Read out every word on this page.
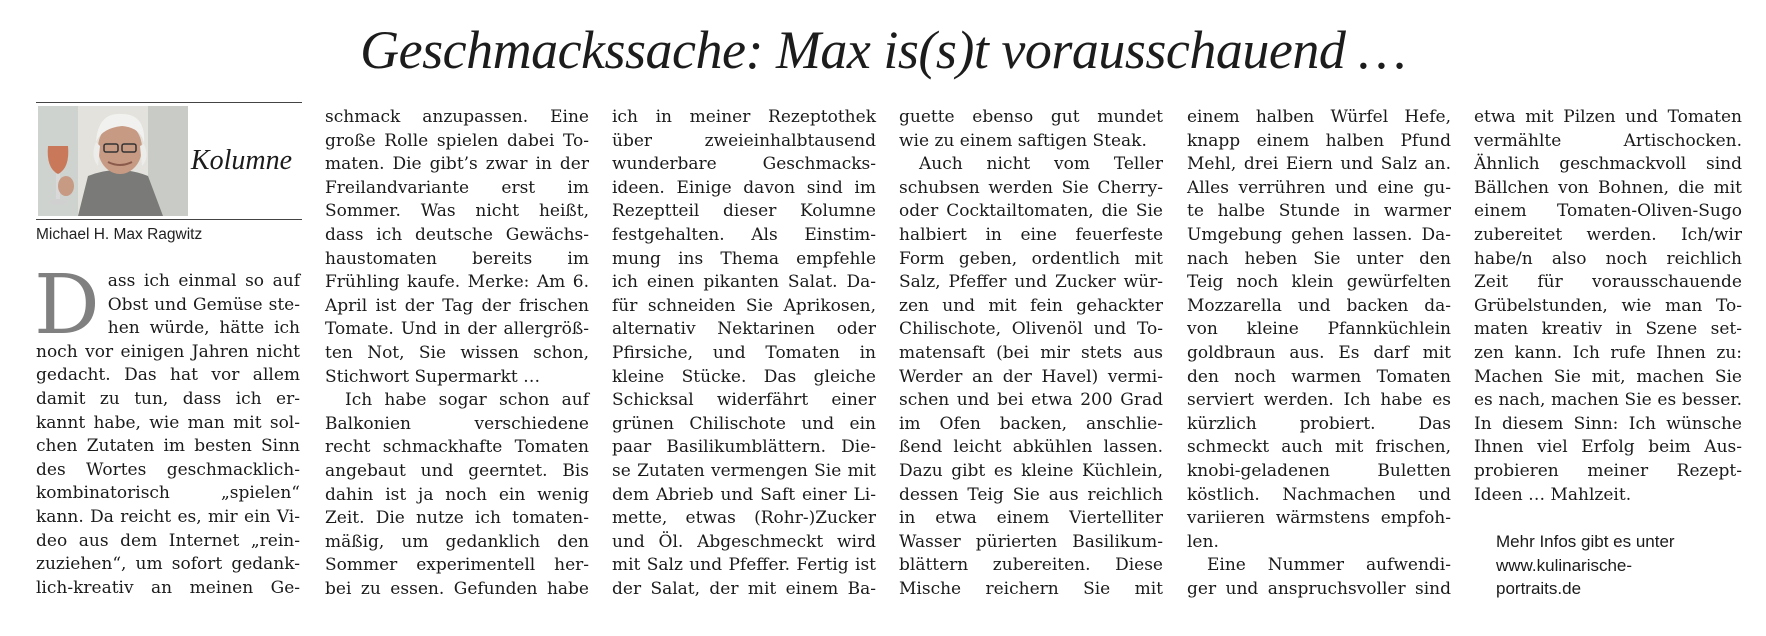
Geschmackssache: Max is(s)t vorausschauend …
Kolumne
Michael H. Max Ragwitz
D ass ich einmal so auf
Obst und Gemüse ste-
hen würde, hätte ich
noch vor einigen Jahren nicht
gedacht. Das hat vor allem
damit zu tun, dass ich er-
kannt habe, wie man mit sol-
chen Zutaten im besten Sinn
des Wortes geschmacklich-
kombinatorisch „spielen“
kann. Da reicht es, mir ein Vi-
deo aus dem Internet „rein-
zuziehen“, um sofort gedank-
lich-kreativ an meinen Ge-
schmack anzupassen. Eine
große Rolle spielen dabei To-
maten. Die gibt’s zwar in der
Freilandvariante erst im
Sommer. Was nicht heißt,
dass ich deutsche Gewächs-
haustomaten bereits im
Frühling kaufe. Merke: Am 6.
April ist der Tag der frischen
Tomate. Und in der allergröß-
ten Not, Sie wissen schon,
Stichwort Supermarkt …
Ich habe sogar schon auf
Balkonien verschiedene
recht schmackhafte Tomaten
angebaut und geerntet. Bis
dahin ist ja noch ein wenig
Zeit. Die nutze ich tomaten-
mäßig, um gedanklich den
Sommer experimentell her-
bei zu essen. Gefunden habe
ich in meiner Rezeptothek
über zweieinhalbtausend
wunderbare Geschmacks-
ideen. Einige davon sind im
Rezeptteil dieser Kolumne
festgehalten. Als Einstim-
mung ins Thema empfehle
ich einen pikanten Salat. Da-
für schneiden Sie Aprikosen,
alternativ Nektarinen oder
Pfirsiche, und Tomaten in
kleine Stücke. Das gleiche
Schicksal widerfährt einer
grünen Chilischote und ein
paar Basilikumblättern. Die-
se Zutaten vermengen Sie mit
dem Abrieb und Saft einer Li-
mette, etwas (Rohr-)Zucker
und Öl. Abgeschmeckt wird
mit Salz und Pfeffer. Fertig ist
der Salat, der mit einem Ba-
guette ebenso gut mundet
wie zu einem saftigen Steak.
Auch nicht vom Teller
schubsen werden Sie Cherry-
oder Cocktailtomaten, die Sie
halbiert in eine feuerfeste
Form geben, ordentlich mit
Salz, Pfeffer und Zucker wür-
zen und mit fein gehackter
Chilischote, Olivenöl und To-
matensaft (bei mir stets aus
Werder an der Havel) vermi-
schen und bei etwa 200 Grad
im Ofen backen, anschlie-
ßend leicht abkühlen lassen.
Dazu gibt es kleine Küchlein,
dessen Teig Sie aus reichlich
in etwa einem Viertelliter
Wasser pürierten Basilikum-
blättern zubereiten. Diese
Mische reichern Sie mit
einem halben Würfel Hefe,
knapp einem halben Pfund
Mehl, drei Eiern und Salz an.
Alles verrühren und eine gu-
te halbe Stunde in warmer
Umgebung gehen lassen. Da-
nach heben Sie unter den
Teig noch klein gewürfelten
Mozzarella und backen da-
von kleine Pfannküchlein
goldbraun aus. Es darf mit
den noch warmen Tomaten
serviert werden. Ich habe es
kürzlich probiert. Das
schmeckt auch mit frischen,
knobi-geladenen Buletten
köstlich. Nachmachen und
variieren wärmstens empfoh-
len.
Eine Nummer aufwendi-
ger und anspruchsvoller sind
etwa mit Pilzen und Tomaten
vermählte Artischocken.
Ähnlich geschmackvoll sind
Bällchen von Bohnen, die mit
einem Tomaten-Oliven-Sugo
zubereitet werden. Ich/wir
habe/n also noch reichlich
Zeit für vorausschauende
Grübelstunden, wie man To-
maten kreativ in Szene set-
zen kann. Ich rufe Ihnen zu:
Machen Sie mit, machen Sie
es nach, machen Sie es besser.
In diesem Sinn: Ich wünsche
Ihnen viel Erfolg beim Aus-
probieren meiner Rezept-
Ideen … Mahlzeit.
Mehr Infos gibt es unter
www.kulinarische-
portraits.de
